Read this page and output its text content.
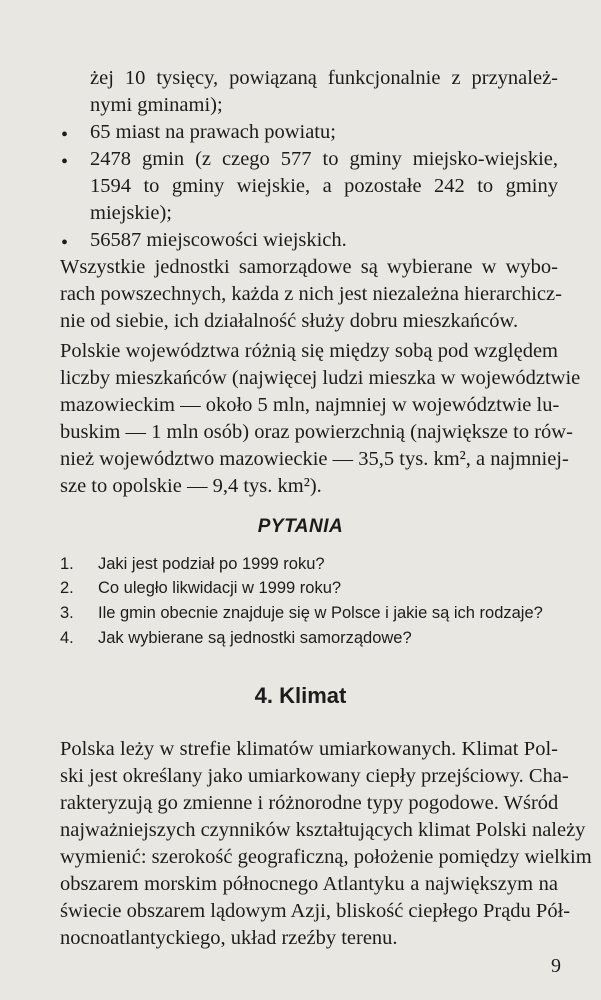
żej 10 tysięcy, powiązaną funkcjonalnie z przynależ-
nymi gminami);
• 65 miast na prawach powiatu;
• 2478 gmin (z czego 577 to gminy miejsko-wiejskie,
1594 to gminy wiejskie, a pozostałe 242 to gminy
miejskie);
• 56587 miejscowości wiejskich.
Wszystkie jednostki samorządowe są wybierane w wybo-
rach powszechnych, każda z nich jest niezależna hierarchicz-
nie od siebie, ich działalność służy dobru mieszkańców.
Polskie województwa różnią się między sobą pod względem
liczby mieszkańców (najwięcej ludzi mieszka w województwie
mazowieckim — około 5 mln, najmniej w województwie lu-
buskim — 1 mln osób) oraz powierzchnią (największe to rów-
nież województwo mazowieckie — 35,5 tys. km², a najmniej-
sze to opolskie — 9,4 tys. km²).
PYTANIA
1. Jaki jest podział po 1999 roku?
2. Co uległo likwidacji w 1999 roku?
3. Ile gmin obecnie znajduje się w Polsce i jakie są ich rodzaje?
4. Jak wybierane są jednostki samorządowe?
4. Klimat
Polska leży w strefie klimatów umiarkowanych. Klimat Pol-
ski jest określany jako umiarkowany ciepły przejściowy. Cha-
rakteryzują go zmienne i różnorodne typy pogodowe. Wśród
najważniejszych czynników kształtujących klimat Polski należy
wymienić: szerokość geograficzną, położenie pomiędzy wielkim
obszarem morskim północnego Atlantyku a największym na
świecie obszarem lądowym Azji, bliskość ciepłego Prądu Pół-
nocnoatlantyckiego, układ rzeźby terenu.
9
